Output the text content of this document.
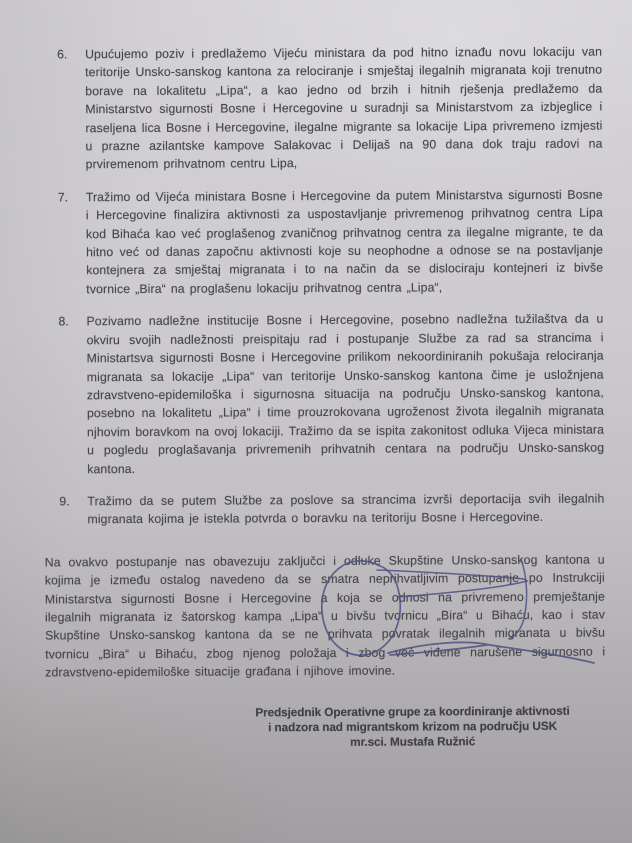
6.	Upućujemo poziv i predlažemo Vijeću ministara da pod hitno iznađu novu lokaciju van teritorije Unsko-sanskog kantona za relociranje i smještaj ilegalnih migranata koji trenutno borave na lokalitetu „Lipa“, a kao jedno od brzih i hitnih rješenja predlažemo da Ministarstvo sigurnosti Bosne i Hercegovine u suradnji sa Ministarstvom za izbjeglice i raseljena lica Bosne i Hercegovine, ilegalne migrante sa lokacije Lipa privremeno izmjesti u prazne azilantske kampove Salakovac i Delijaš na 90 dana dok traju radovi na prviremenom prihvatnom centru Lipa,
7.	Tražimo od Vijeća ministara Bosne i Hercegovine da putem Ministarstva sigurnosti Bosne i Hercegovine finalizira aktivnosti za uspostavljanje privremenog prihvatnog centra Lipa kod Bihaća kao već proglašenog zvaničnog prihvatnog centra za ilegalne migrante, te da hitno već od danas započnu aktivnosti koje su neophodne a odnose se na postavljanje kontejnera za smještaj migranata i to na način da se dislociraju kontejneri iz bivše tvornice „Bira“ na proglašenu lokaciju prihvatnog centra „Lipa“,
8.	Pozivamo nadležne institucije Bosne i Hercegovine, posebno nadležna tužilaštva da u okviru svojih nadležnosti preispitaju rad i postupanje Službe za rad sa strancima i Ministartsva sigurnosti Bosne i Hercegovine prilikom nekoordiniranih pokušaja relociranja migranata sa lokacije „Lipa“ van teritorije Unsko-sanskog kantona čime je usložnjena zdravstveno-epidemiloška i sigurnosna situacija na području Unsko-sanskog kantona, posebno na lokalitetu „Lipa“ i time prouzrokovana ugroženost života ilegalnih migranata njhovim boravkom na ovoj lokaciji. Tražimo da se ispita zakonitost odluka Vijeca ministara u pogledu proglašavanja privremenih prihvatnih centara na području Unsko-sanskog kantona.
9.	Tražimo da se putem Službe za poslove sa strancima izvrši deportacija svih ilegalnih migranata kojima je istekla potvrda o boravku na teritoriju Bosne i Hercegovine.
Na ovakvo postupanje nas obavezuju zaključci i odluke Skupštine Unsko-sanskog kantona u kojima je između ostalog navedeno da se smatra neprihvatljivim postupanje po Instrukciji Ministarstva sigurnosti Bosne i Hercegovine a koja se odnosi na privremeno premještanje ilegalnih migranata iz šatorskog kampa „Lipa“ u bivšu tvornicu „Bira“ u Bihaću, kao i stav Skupštine Unsko-sanskog kantona da se ne prihvata povratak ilegalnih migranata u bivšu tvornicu „Bira“ u Bihaću, zbog njenog položaja i zbog već viđene narušene sigurnosno i zdravstveno-epidemiloške situacije građana i njihove imovine.
Predsjednik Operativne grupe za koordiniranje aktivnosti
i nadzora nad migrantskom krizom na području USK
mr.sci. Mustafa Ružnić
